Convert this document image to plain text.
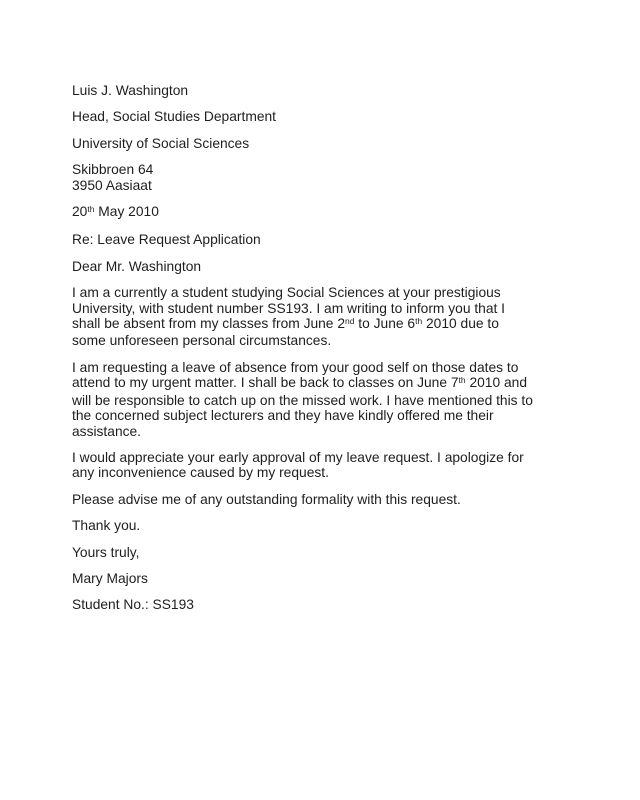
Luis J. Washington
Head, Social Studies Department
University of Social Sciences
Skibbroen 64
3950 Aasiaat
20th May 2010
Re: Leave Request Application
Dear Mr. Washington
I am a currently a student studying Social Sciences at your prestigious
University, with student number SS193. I am writing to inform you that I
shall be absent from my classes from June 2nd to June 6th 2010 due to
some unforeseen personal circumstances.
I am requesting a leave of absence from your good self on those dates to
attend to my urgent matter. I shall be back to classes on June 7th 2010 and
will be responsible to catch up on the missed work. I have mentioned this to
the concerned subject lecturers and they have kindly offered me their
assistance.
I would appreciate your early approval of my leave request. I apologize for
any inconvenience caused by my request.
Please advise me of any outstanding formality with this request.
Thank you.
Yours truly,
Mary Majors
Student No.: SS193
